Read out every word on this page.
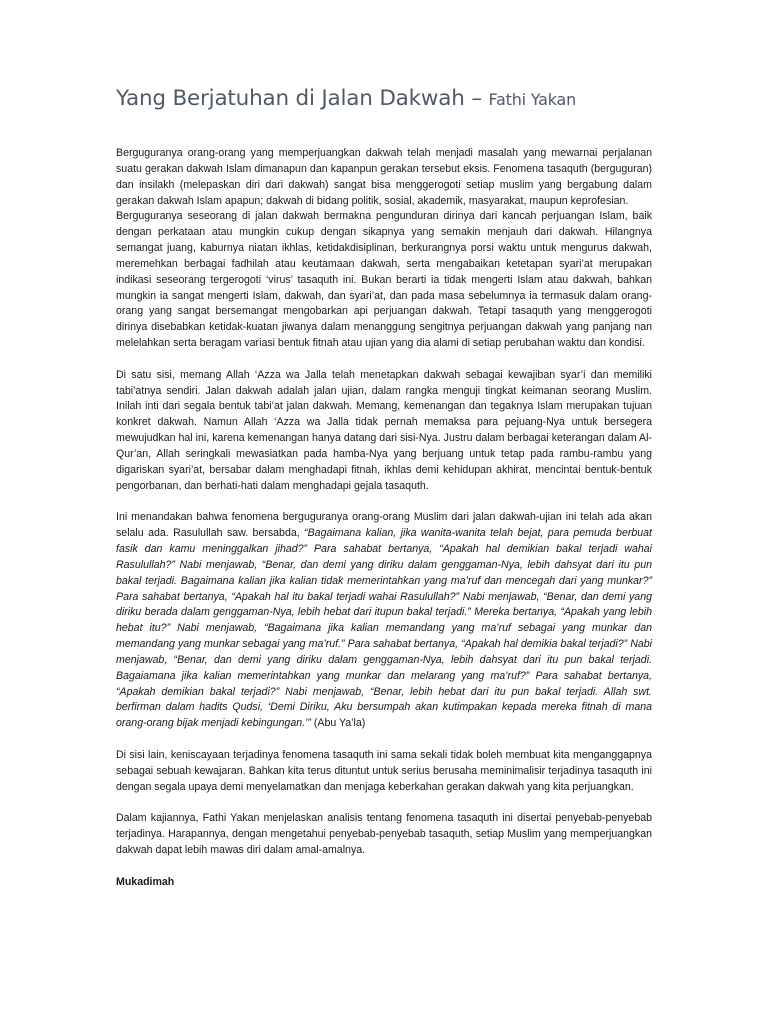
Yang Berjatuhan di Jalan Dakwah – Fathi Yakan

Berguguranya orang-orang yang memperjuangkan dakwah telah menjadi masalah yang mewarnai perjalanan suatu gerakan dakwah Islam dimanapun dan kapanpun gerakan tersebut eksis. Fenomena tasaquth (berguguran) dan insilakh (melepaskan diri dari dakwah) sangat bisa menggerogoti setiap muslim yang bergabung dalam gerakan dakwah Islam apapun; dakwah di bidang politik, sosial, akademik, masyarakat, maupun keprofesian.

Berguguranya seseorang di jalan dakwah bermakna pengunduran dirinya dari kancah perjuangan Islam, baik dengan perkataan atau mungkin cukup dengan sikapnya yang semakin menjauh dari dakwah. Hilangnya semangat juang, kaburnya niatan ikhlas, ketidakdisiplinan, berkurangnya porsi waktu untuk mengurus dakwah, meremehkan berbagai fadhilah atau keutamaan dakwah, serta mengabaikan ketetapan syari’at merupakan indikasi seseorang tergerogoti ‘virus’ tasaquth ini. Bukan berarti ia tidak mengerti Islam atau dakwah, bahkan mungkin ia sangat mengerti Islam, dakwah, dan syari’at, dan pada masa sebelumnya ia termasuk dalam orang-orang yang sangat bersemangat mengobarkan api perjuangan dakwah. Tetapi tasaquth yang menggerogoti dirinya disebabkan ketidak-kuatan jiwanya dalam menanggung sengitnya perjuangan dakwah yang panjang nan melelahkan serta beragam variasi bentuk fitnah atau ujian yang dia alami di setiap perubahan waktu dan kondisi.

Di satu sisi, memang Allah ‘Azza wa Jalla telah menetapkan dakwah sebagai kewajiban syar’i dan memiliki tabi’atnya sendiri. Jalan dakwah adalah jalan ujian, dalam rangka menguji tingkat keimanan seorang Muslim. Inilah inti dari segala bentuk tabi’at jalan dakwah. Memang, kemenangan dan tegaknya Islam merupakan tujuan konkret dakwah. Namun Allah ‘Azza wa Jalla tidak pernah memaksa para pejuang-Nya untuk bersegera mewujudkan hal ini, karena kemenangan hanya datang dari sisi-Nya. Justru dalam berbagai keterangan dalam Al-Qur’an, Allah seringkali mewasiatkan pada hamba-Nya yang berjuang untuk tetap pada rambu-rambu yang digariskan syari’at, bersabar dalam menghadapi fitnah, ikhlas demi kehidupan akhirat, mencintai bentuk-bentuk pengorbanan, dan berhati-hati dalam menghadapi gejala tasaquth.

Ini menandakan bahwa fenomena berguguranya orang-orang Muslim dari jalan dakwah-ujian ini telah ada akan selalu ada. Rasulullah saw. bersabda, “Bagaimana kalian, jika wanita-wanita telah bejat, para pemuda berbuat fasik dan kamu meninggalkan jihad?” Para sahabat bertanya, “Apakah hal demikian bakal terjadi wahai Rasulullah?” Nabi menjawab, “Benar, dan demi yang diriku dalam genggaman-Nya, lebih dahsyat dari itu pun bakal terjadi. Bagaimana kalian jika kalian tidak memerintahkan yang ma’ruf dan mencegah dari yang munkar?” Para sahabat bertanya, “Apakah hal itu bakal terjadi wahai Rasulullah?” Nabi menjawab, “Benar, dan demi yang diriku berada dalam genggaman-Nya, lebih hebat dari itupun bakal terjadi.” Mereka bertanya, “Apakah yang lebih hebat itu?” Nabi menjawab, “Bagaimana jika kalian memandang yang ma’ruf sebagai yang munkar dan memandang yang munkar sebagai yang ma’ruf.” Para sahabat bertanya, “Apakah hal demikia bakal terjadi?” Nabi menjawab, “Benar, dan demi yang diriku dalam genggaman-Nya, lebih dahsyat dari itu pun bakal terjadi. Bagaiamana jika kalian memerintahkan yang munkar dan melarang yang ma’ruf?” Para sahabat bertanya, “Apakah demikian bakal terjadi?” Nabi menjawab, “Benar, lebih hebat dari itu pun bakal terjadi. Allah swt. berfirman dalam hadits Qudsi, ‘Demi Diriku, Aku bersumpah akan kutimpakan kepada mereka fitnah di mana orang-orang bijak menjadi kebingungan.’” (Abu Ya’la)

Di sisi lain, keniscayaan terjadinya fenomena tasaquth ini sama sekali tidak boleh membuat kita menganggapnya sebagai sebuah kewajaran. Bahkan kita terus dituntut untuk serius berusaha meminimalisir terjadinya tasaquth ini dengan segala upaya demi menyelamatkan dan menjaga keberkahan gerakan dakwah yang kita perjuangkan.

Dalam kajiannya, Fathi Yakan menjelaskan analisis tentang fenomena tasaquth ini disertai penyebab-penyebab terjadinya. Harapannya, dengan mengetahui penyebab-penyebab tasaquth, setiap Muslim yang memperjuangkan dakwah dapat lebih mawas diri dalam amal-amalnya.

Mukadimah
